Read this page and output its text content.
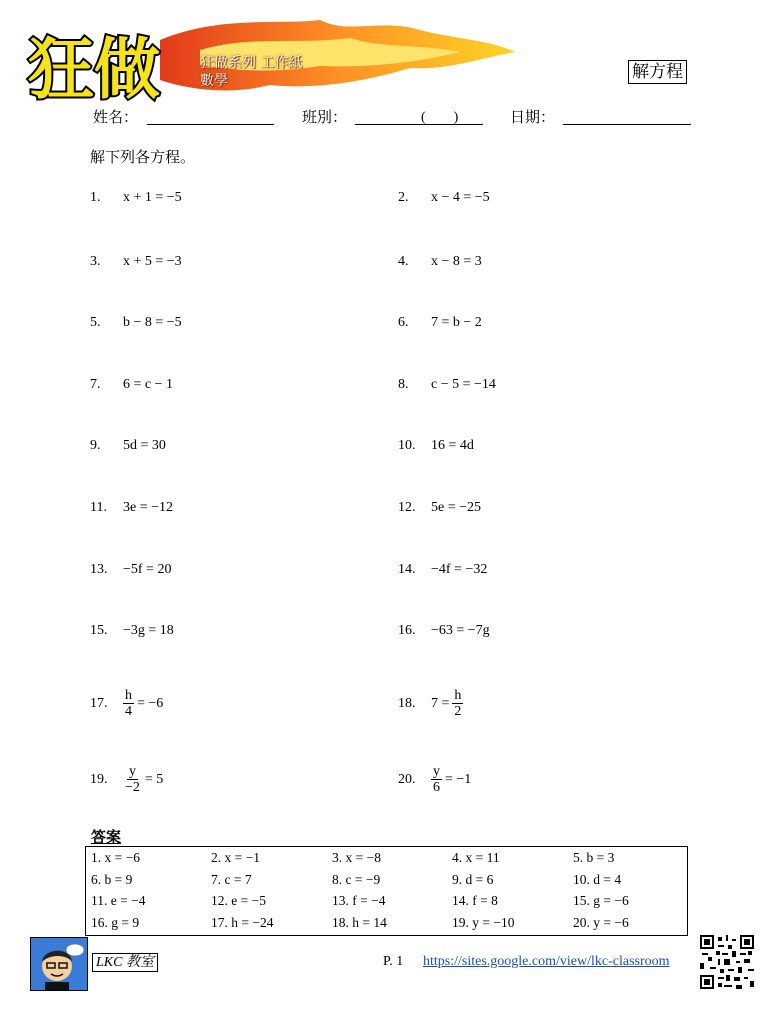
狂做	狂做系列 工作紙
數學	解方程
姓名：	班別：	(　　)	日期：
解下列各方程。
1.	x + 1 = −5	2.	x − 4 = −5
3.	x + 5 = −3	4.	x − 8 = 3
5.	b − 8 = −5	6.	7 = b − 2
7.	6 = c − 1	8.	c − 5 = −14
9.	5d = 30	10.	16 = 4d
11.	3e = −12	12.	5e = −25
13.	−5f = 20	14.	−4f = −32
15.	−3g = 18	16.	−63 = −7g
17.	$\frac{h}{4} = -6$	18.	$7 = \frac{h}{2}$
19.	$\frac{y}{-2} = 5$	20.	$\frac{y}{6} = -1$
答案
1. x = −6	2. x = −1	3. x = −8	4. x = 11	5. b = 3
6. b = 9	7. c = 7	8. c = −9	9. d = 6	10. d = 4
11. e = −4	12. e = −5	13. f = −4	14. f = 8	15. g = −6
16. g = 9	17. h = −24	18. h = 14	19. y = −10	20. y = −6
LKC 教室	P. 1 https://sites.google.com/view/lkc-classroom
